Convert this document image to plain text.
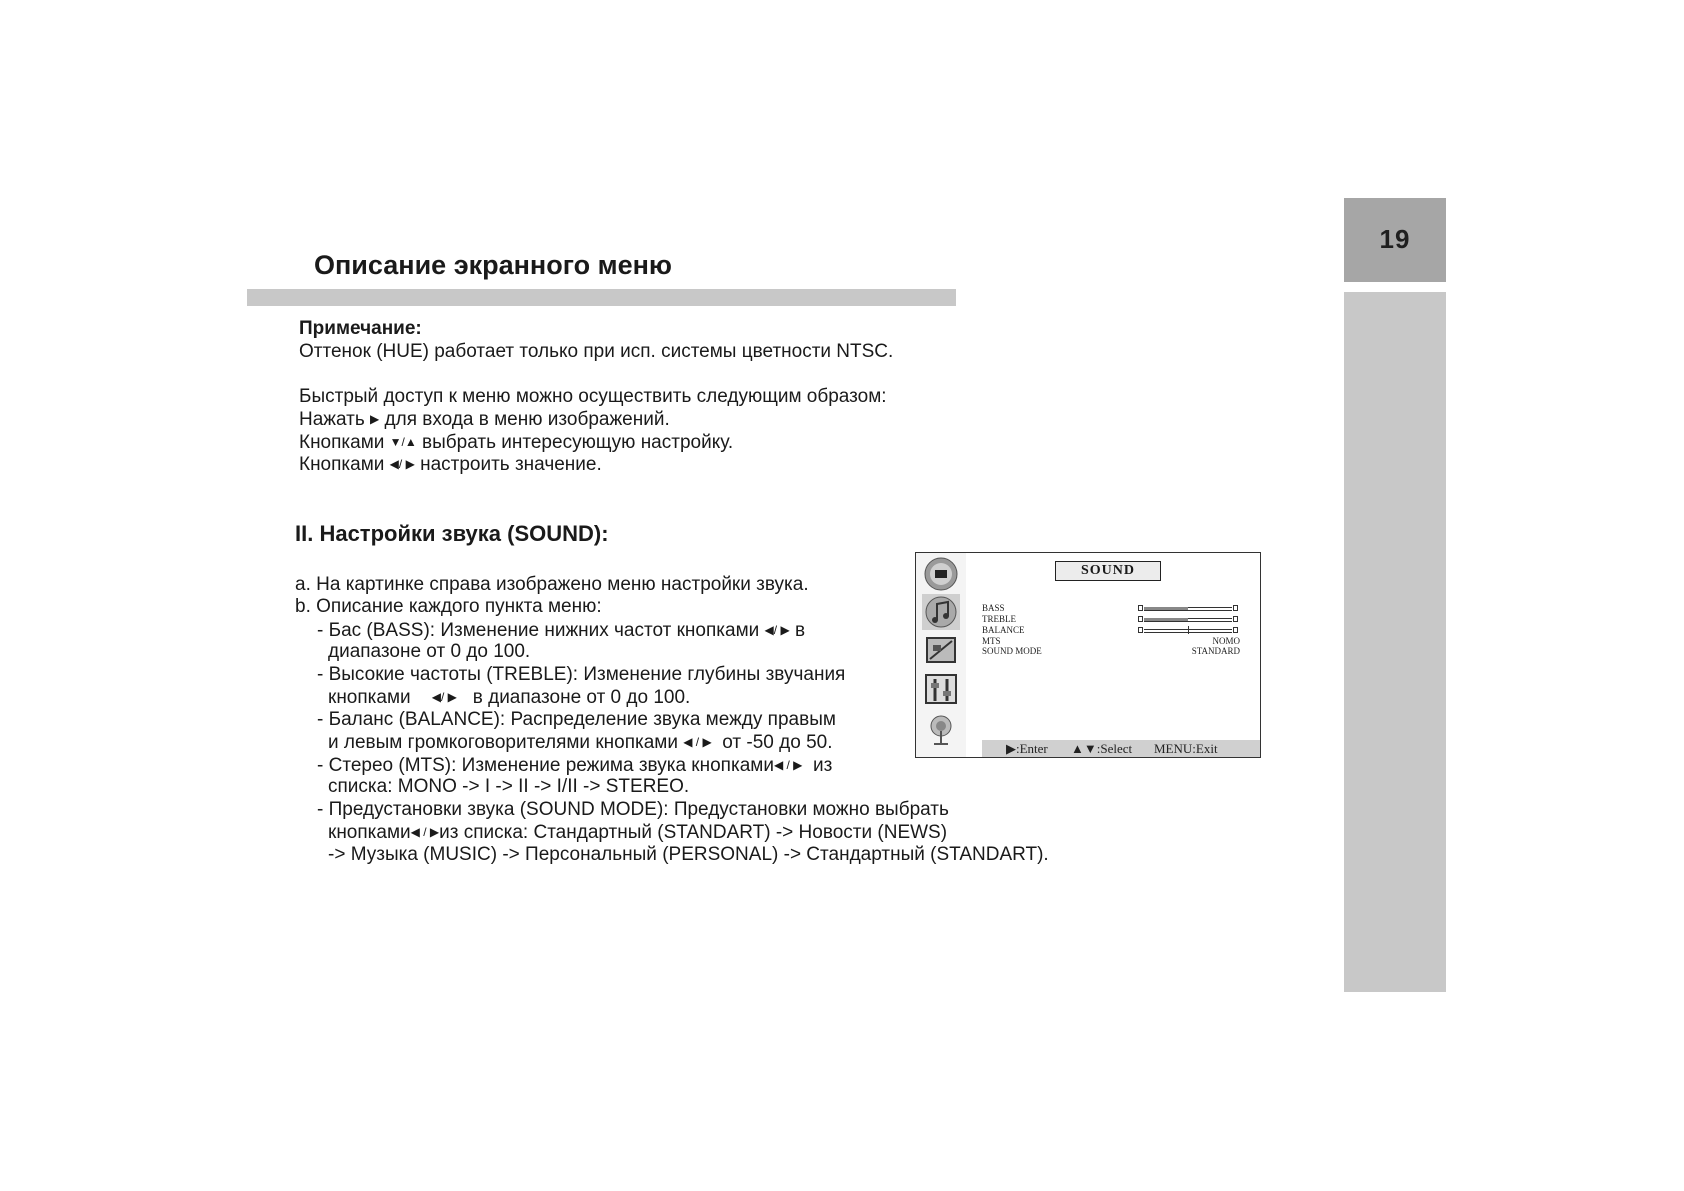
19
Описание экранного меню
Примечание:
Оттенок (HUE) работает только при исп. системы цветности NTSC.
Быстрый доступ к меню можно осуществить следующим образом:
Нажать ▶ для входа в меню изображений.
Кнопками ▼/▲ выбрать интересующую настройку.
Кнопками ◀/ ▶ настроить значение.
II. Настройки звука (SOUND):
a. На картинке справа изображено меню настройки звука.
b. Описание каждого пункта меню:
- Бас (BASS): Изменение нижних частот кнопками ◀/ ▶ в
диапазоне от 0 до 100.
- Высокие частоты (TREBLE): Изменение глубины звучания
кнопками ◀/ ▶ в диапазоне от 0 до 100.
- Баланс (BALANCE): Распределение звука между правым
и левым громкоговорителями кнопками ◀ / ▶ от -50 до 50.
- Стерео (MTS): Изменение режима звука кнопками◀ / ▶ из
списка: MONO -> I -> II -> I/II -> STEREO.
- Предустановки звука (SOUND MODE): Предустановки можно выбрать
кнопками◀ / ▶из списка: Стандартный (STANDART) -> Новости (NEWS)
-> Музыка (MUSIC) -> Персональный (PERSONAL) -> Стандартный (STANDART).
SOUND
BASS
TREBLE
BALANCE
MTS	NOMO
SOUND MODE	STANDARD
▶:Enter ▲▼:Select MENU:Exit
